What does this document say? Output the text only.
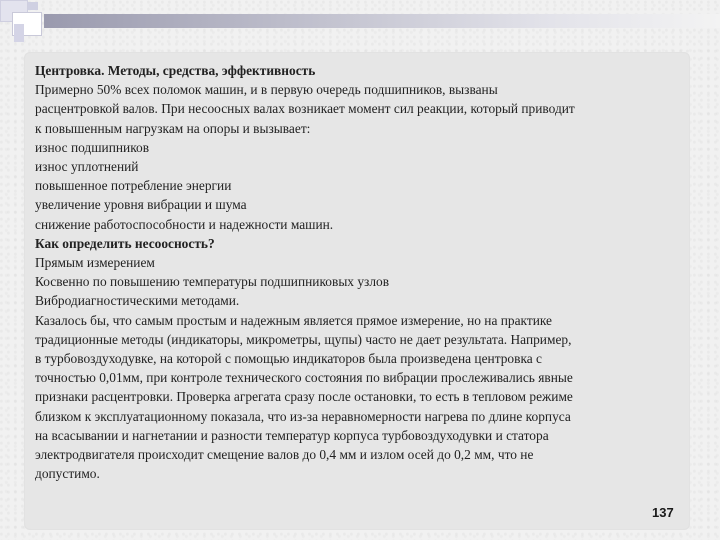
Центровка. Методы, средства, эффективность

Примерно 50% всех поломок машин, и в первую очередь подшипников, вызваны

расцентровкой валов. При несоосных валах возникает момент сил реакции, который приводит

к повышенным нагрузкам на опоры и вызывает:

износ подшипников

износ уплотнений

повышенное потребление энергии

увеличение уровня вибрации и шума

снижение работоспособности и надежности машин.

Как определить несоосность?

Прямым измерением

Косвенно по повышению температуры подшипниковых узлов

Вибродиагностическими методами.

Казалось бы, что самым простым и надежным является прямое измерение, но на практике

традиционные методы (индикаторы, микрометры, щупы) часто не дает результата. Например,

в турбовоздуходувке, на которой с помощью индикаторов была произведена центровка с

точностью 0,01мм, при контроле технического состояния по вибрации прослеживались явные

признаки расцентровки. Проверка агрегата сразу после остановки, то есть в тепловом режиме

близком к эксплуатационному показала, что из-за неравномерности нагрева по длине корпуса

на всасывании и нагнетании и разности температур корпуса турбовоздуходувки и статора

электродвигателя происходит смещение валов до 0,4 мм и излом осей до 0,2 мм, что не

допустимо.

137
